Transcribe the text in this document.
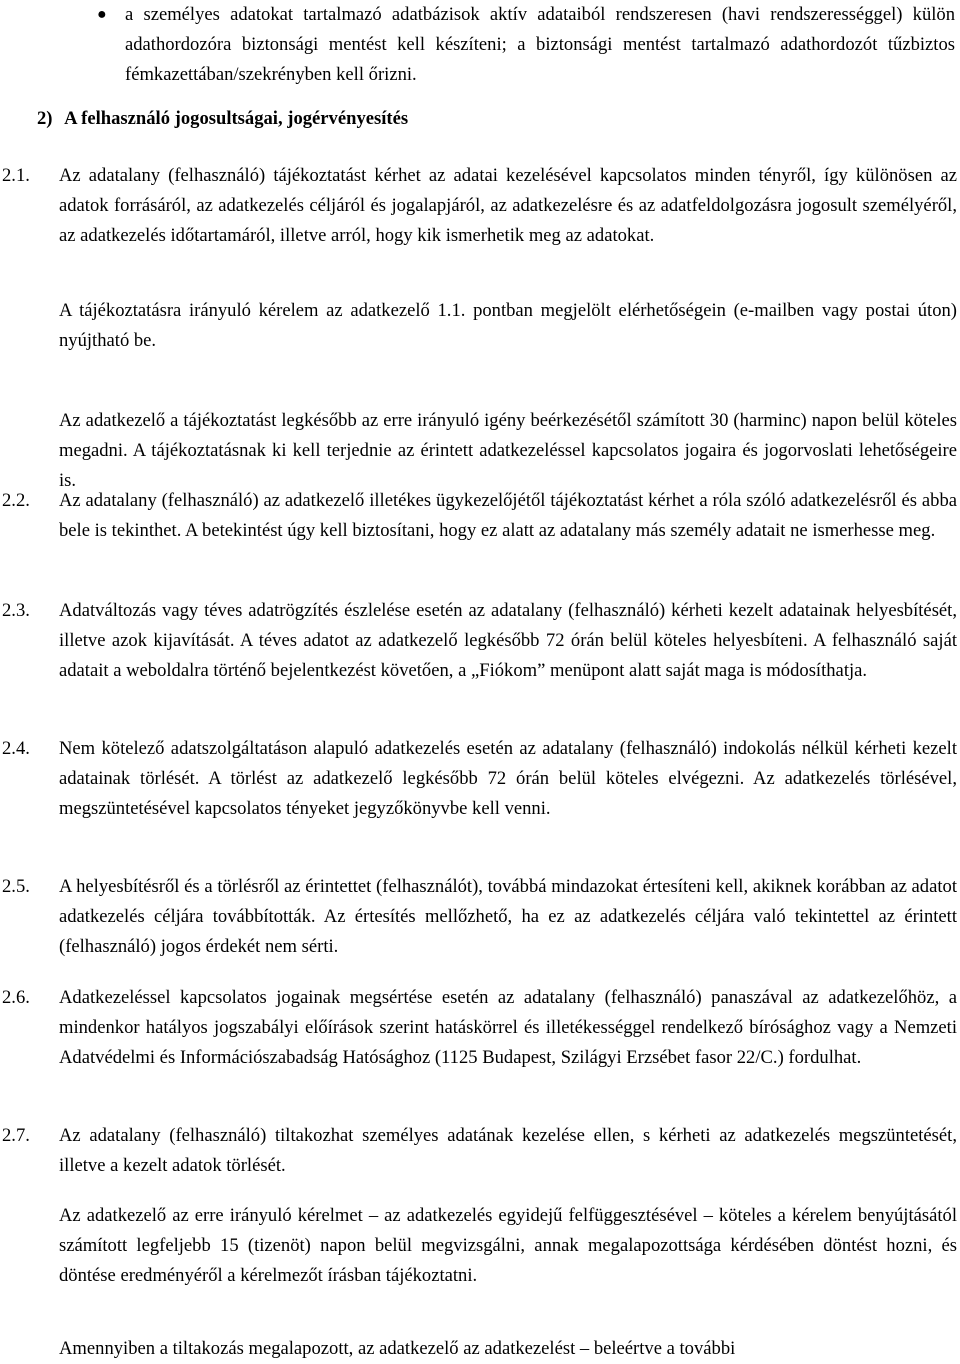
● a személyes adatokat tartalmazó adatbázisok aktív adataiból rendszeresen (havi rendszerességgel) külön adathordozóra biztonsági mentést kell készíteni; a biztonsági mentést tartalmazó adathordozót tűzbiztos fémkazettában/szekrényben kell őrizni.
2) A felhasználó jogosultságai, jogérvényesítés
2.1. Az adatalany (felhasználó) tájékoztatást kérhet az adatai kezelésével kapcsolatos minden tényről, így különösen az adatok forrásáról, az adatkezelés céljáról és jogalapjáról, az adatkezelésre és az adatfeldolgozásra jogosult személyéről, az adatkezelés időtartamáról, illetve arról, hogy kik ismerhetik meg az adatokat.

A tájékoztatásra irányuló kérelem az adatkezelő 1.1. pontban megjelölt elérhetőségein (e-mailben vagy postai úton) nyújtható be.

Az adatkezelő a tájékoztatást legkésőbb az erre irányuló igény beérkezésétől számított 30 (harminc) napon belül köteles megadni. A tájékoztatásnak ki kell terjednie az érintett adatkezeléssel kapcsolatos jogaira és jogorvoslati lehetőségeire is.

2.2. Az adatalany (felhasználó) az adatkezelő illetékes ügykezelőjétől tájékoztatást kérhet a róla szóló adatkezelésről és abba bele is tekinthet. A betekintést úgy kell biztosítani, hogy ez alatt az adatalany más személy adatait ne ismerhesse meg.

2.3. Adatváltozás vagy téves adatrögzítés észlelése esetén az adatalany (felhasználó) kérheti kezelt adatainak helyesbítését, illetve azok kijavítását. A téves adatot az adatkezelő legkésőbb 72 órán belül köteles helyesbíteni. A felhasználó saját adatait a weboldalra történő bejelentkezést követően, a „Fiókom” menüpont alatt saját maga is módosíthatja.

2.4. Nem kötelező adatszolgáltatáson alapuló adatkezelés esetén az adatalany (felhasználó) indokolás nélkül kérheti kezelt adatainak törlését. A törlést az adatkezelő legkésőbb 72 órán belül köteles elvégezni. Az adatkezelés törlésével, megszüntetésével kapcsolatos tényeket jegyzőkönyvbe kell venni.

2.5. A helyesbítésről és a törlésről az érintettet (felhasználót), továbbá mindazokat értesíteni kell, akiknek korábban az adatot adatkezelés céljára továbbították. Az értesítés mellőzhető, ha ez az adatkezelés céljára való tekintettel az érintett (felhasználó) jogos érdekét nem sérti.

2.6. Adatkezeléssel kapcsolatos jogainak megsértése esetén az adatalany (felhasználó) panaszával az adatkezelőhöz, a mindenkor hatályos jogszabályi előírások szerint hatáskörrel és illetékességgel rendelkező bírósághoz vagy a Nemzeti Adatvédelmi és Információszabadság Hatósághoz (1125 Budapest, Szilágyi Erzsébet fasor 22/C.) fordulhat.

2.7. Az adatalany (felhasználó) tiltakozhat személyes adatának kezelése ellen, s kérheti az adatkezelés megszüntetését, illetve a kezelt adatok törlését.

Az adatkezelő az erre irányuló kérelmet – az adatkezelés egyidejű felfüggesztésével – köteles a kérelem benyújtásától számított legfeljebb 15 (tizenöt) napon belül megvizsgálni, annak megalapozottsága kérdésében döntést hozni, és döntése eredményéről a kérelmezőt írásban tájékoztatni.

Amennyiben a tiltakozás megalapozott, az adatkezelő az adatkezelést – beleértve a további
